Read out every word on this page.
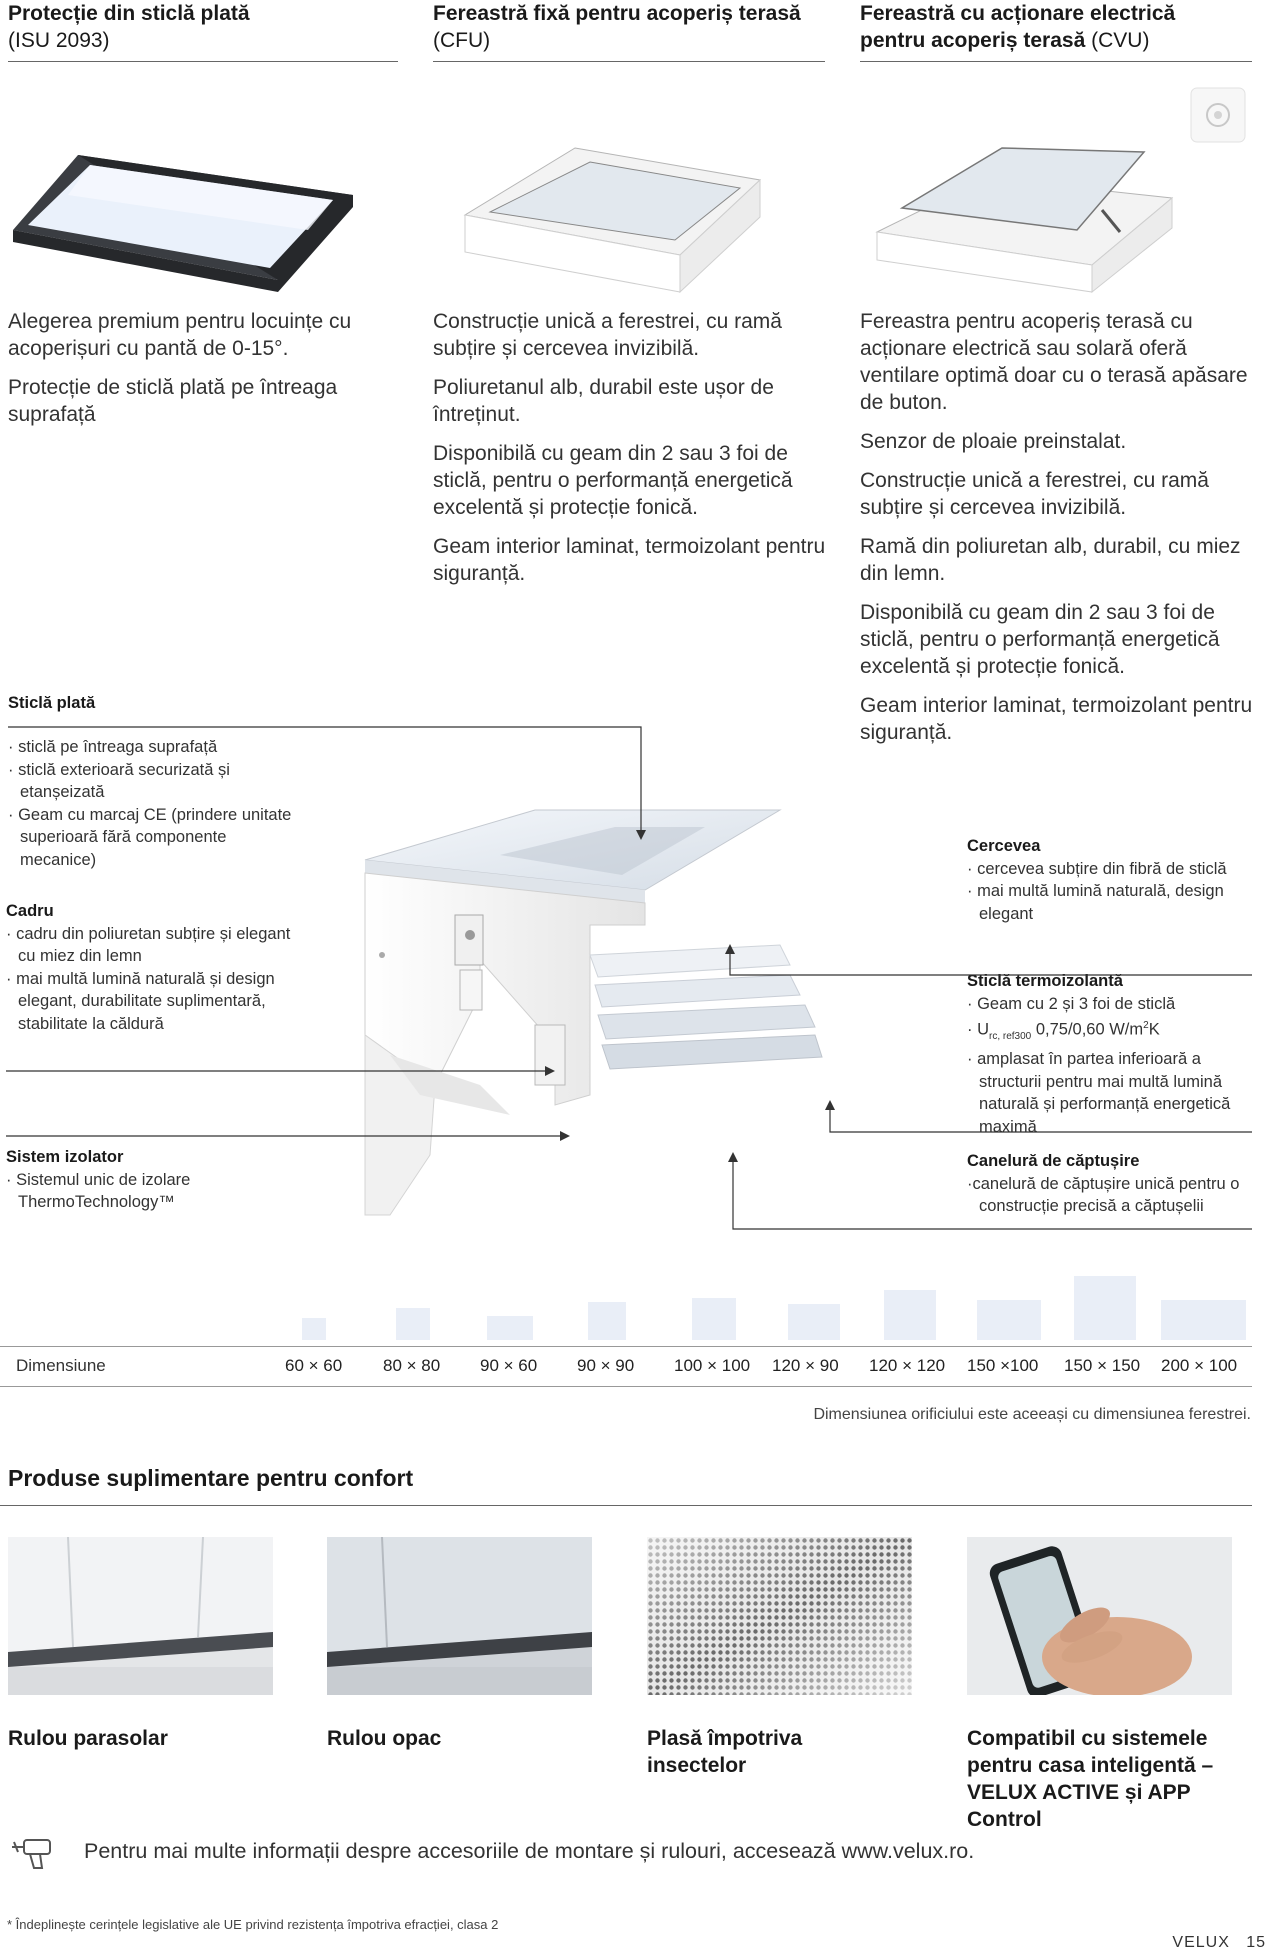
Protecție din sticlă plată
(ISU 2093)
Fereastră fixă pentru acoperiș terasă (CFU)
Fereastră cu acționare electrică pentru acoperiș terasă (CVU)

Alegerea premium pentru locuințe cu acoperișuri cu pantă de 0-15°.

Protecție de sticlă plată pe întreaga suprafață

Construcție unică a ferestrei, cu ramă subțire și cercevea invizibilă.

Poliuretanul alb, durabil este ușor de întreținut.

Disponibilă cu geam din 2 sau 3 foi de sticlă, pentru o performanță energetică excelentă și protecție fonică.

Geam interior laminat, termoizolant pentru siguranță.

Fereastra pentru acoperiș terasă cu acționare electrică sau solară oferă ventilare optimă doar cu o terasă apăsare de buton.

Senzor de ploaie preinstalat.

Construcție unică a ferestrei, cu ramă subțire și cercevea invizibilă.

Ramă din poliuretan alb, durabil, cu miez din lemn.

Disponibilă cu geam din 2 sau 3 foi de sticlă, pentru o performanță energetică excelentă și protecție fonică.

Geam interior laminat, termoizolant pentru siguranță.

Sticlă plată
· sticlă pe întreaga suprafață
· sticlă exterioară securizată și etanșeizată
· Geam cu marcaj CE (prindere unitate superioară fără componente mecanice)
Cadru
· cadru din poliuretan subțire și elegant cu miez din lemn
· mai multă lumină naturală și design elegant, durabilitate suplimentară, stabilitate la căldură
Sistem izolator
· Sistemul unic de izolare ThermoTechnology™
Cercevea
· cercevea subțire din fibră de sticlă
· mai multă lumină naturală, design elegant
Sticlă termoizolantă
· Geam cu 2 și 3 foi de sticlă
· $U_{rc, ref300}$ 0,75/0,60 $W/m^2K$
· amplasat în partea inferioară a structurii pentru mai multă lumină naturală și performanță energetică maximă
Canelură de căptușire
·canelură de căptușire unică pentru o construcție precisă a căptușelii
Dimensiune	60 × 60 80 × 80 90 × 60 90 × 90 100 × 100 120 × 90 120 × 120 150 ×100 150 × 150 200 × 100
Dimensiunea orificiului este aceeași cu dimensiunea ferestrei.
Produse suplimentare pentru confort
Rulou parasolar	Rulou opac	Plasă împotriva insectelor
Compatibil cu sistemele pentru casa inteligentă – VELUX ACTIVE și APP Control
Pentru mai multe informații despre accesoriile de montare și rulouri, accesează www.velux.ro.
* Îndeplinește cerințele legislative ale UE privind rezistența împotriva efracției, clasa 2
VELUX 15
